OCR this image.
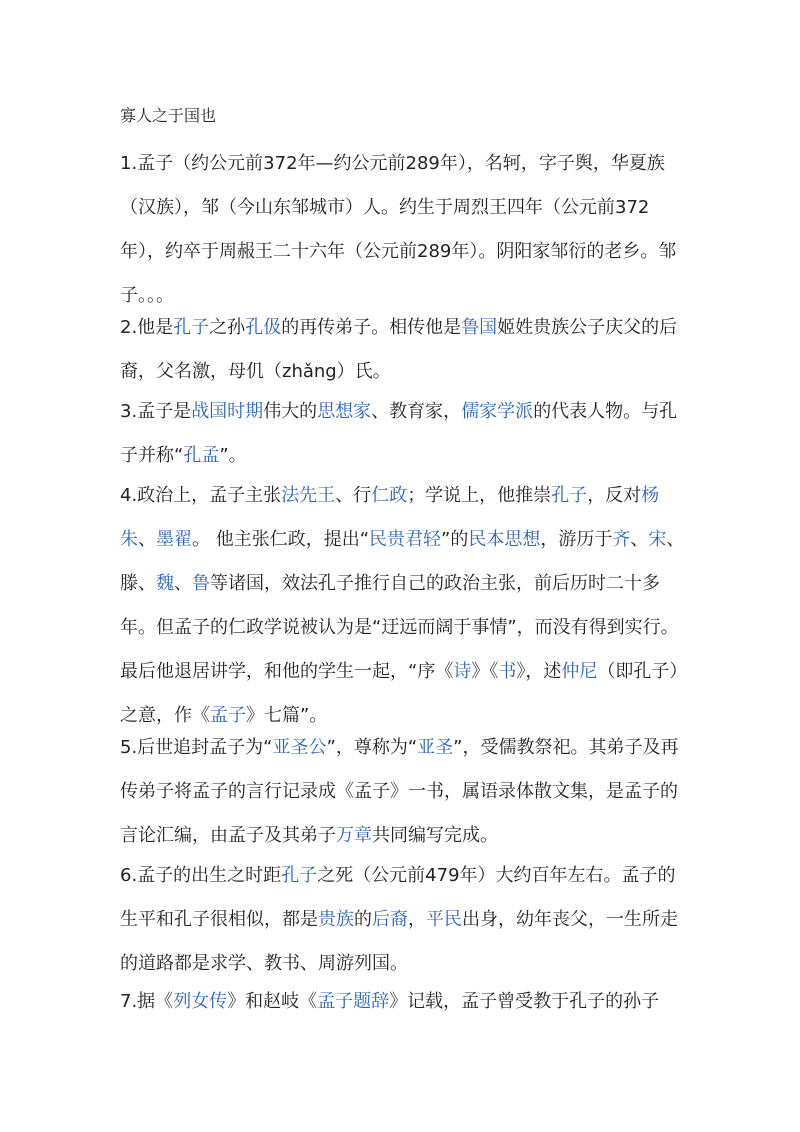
寡人之于国也

1.孟子（约公元前372年—约公元前289年），名轲，字子舆，华夏族（汉族），邹（今山东邹城市）人。约生于周烈王四年（公元前372年），约卒于周赧王二十六年（公元前289年）。阴阳家邹衍的老乡。邹子。。。

2.他是孔子之孙孔伋的再传弟子。相传他是鲁国姬姓贵族公子庆父的后裔，父名激，母仉（zhǎng）氏。

3.孟子是战国时期伟大的思想家、教育家，儒家学派的代表人物。与孔子并称“孔孟”。

4.政治上，孟子主张法先王、行仁政；学说上，他推崇孔子，反对杨朱、墨翟。 他主张仁政，提出“民贵君轻”的民本思想，游历于齐、宋、滕、魏、鲁等诸国，效法孔子推行自己的政治主张，前后历时二十多年。但孟子的仁政学说被认为是“迂远而阔于事情”，而没有得到实行。最后他退居讲学，和他的学生一起，“序《诗》《书》，述仲尼（即孔子）之意，作《孟子》七篇”。

5.后世追封孟子为“亚圣公”，尊称为“亚圣”，受儒教祭祀。其弟子及再传弟子将孟子的言行记录成《孟子》一书，属语录体散文集，是孟子的言论汇编，由孟子及其弟子万章共同编写完成。

6.孟子的出生之时距孔子之死（公元前479年）大约百年左右。孟子的生平和孔子很相似，都是贵族的后裔，平民出身，幼年丧父，一生所走的道路都是求学、教书、周游列国。

7.据《列女传》和赵岐《孟子题辞》记载，孟子曾受教于孔子的孙子
